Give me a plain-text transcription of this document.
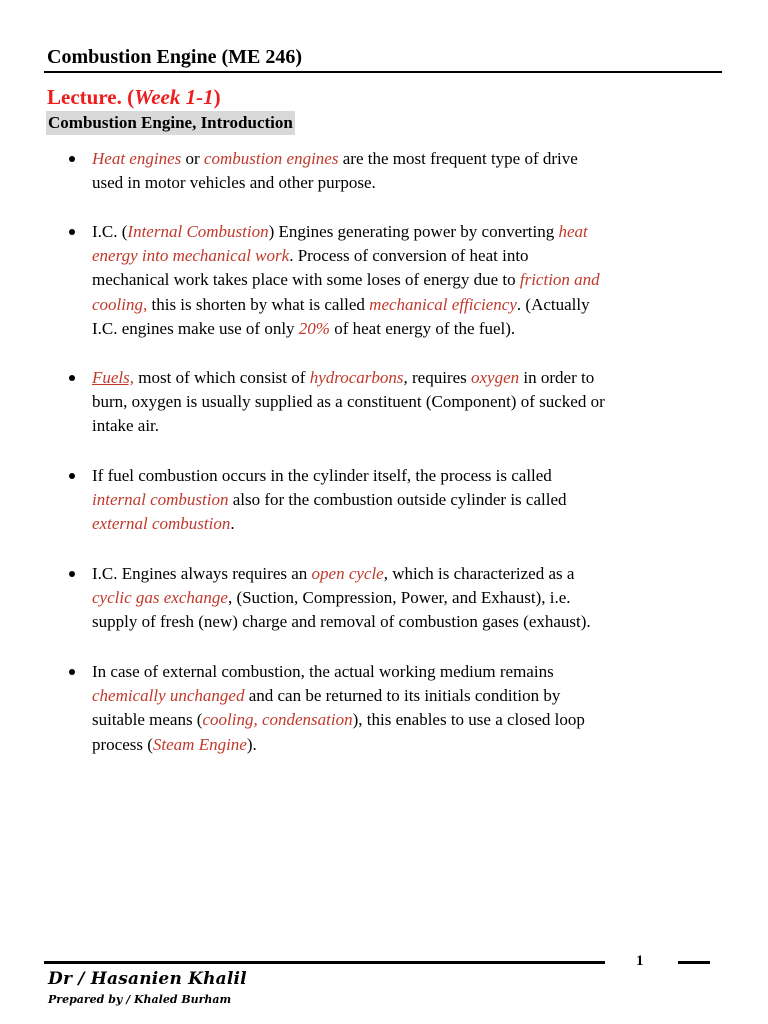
Combustion Engine (ME 246)
Lecture. (Week 1-1)
Combustion Engine, Introduction
Heat engines or combustion engines are the most frequent type of drive
used in motor vehicles and other purpose.
I.C. (Internal Combustion) Engines generating power by converting heat
energy into mechanical work. Process of conversion of heat into
mechanical work takes place with some loses of energy due to friction and
cooling, this is shorten by what is called mechanical efficiency. (Actually
I.C. engines make use of only 20% of heat energy of the fuel).
Fuels, most of which consist of hydrocarbons, requires oxygen in order to
burn, oxygen is usually supplied as a constituent (Component) of sucked or
intake air.
If fuel combustion occurs in the cylinder itself, the process is called
internal combustion also for the combustion outside cylinder is called
external combustion.
I.C. Engines always requires an open cycle, which is characterized as a
cyclic gas exchange, (Suction, Compression, Power, and Exhaust), i.e.
supply of fresh (new) charge and removal of combustion gases (exhaust).
In case of external combustion, the actual working medium remains
chemically unchanged and can be returned to its initials condition by
suitable means (cooling, condensation), this enables to use a closed loop
process (Steam Engine).
1
Dr / Hasanien Khalil
Prepared by / Khaled Burham
